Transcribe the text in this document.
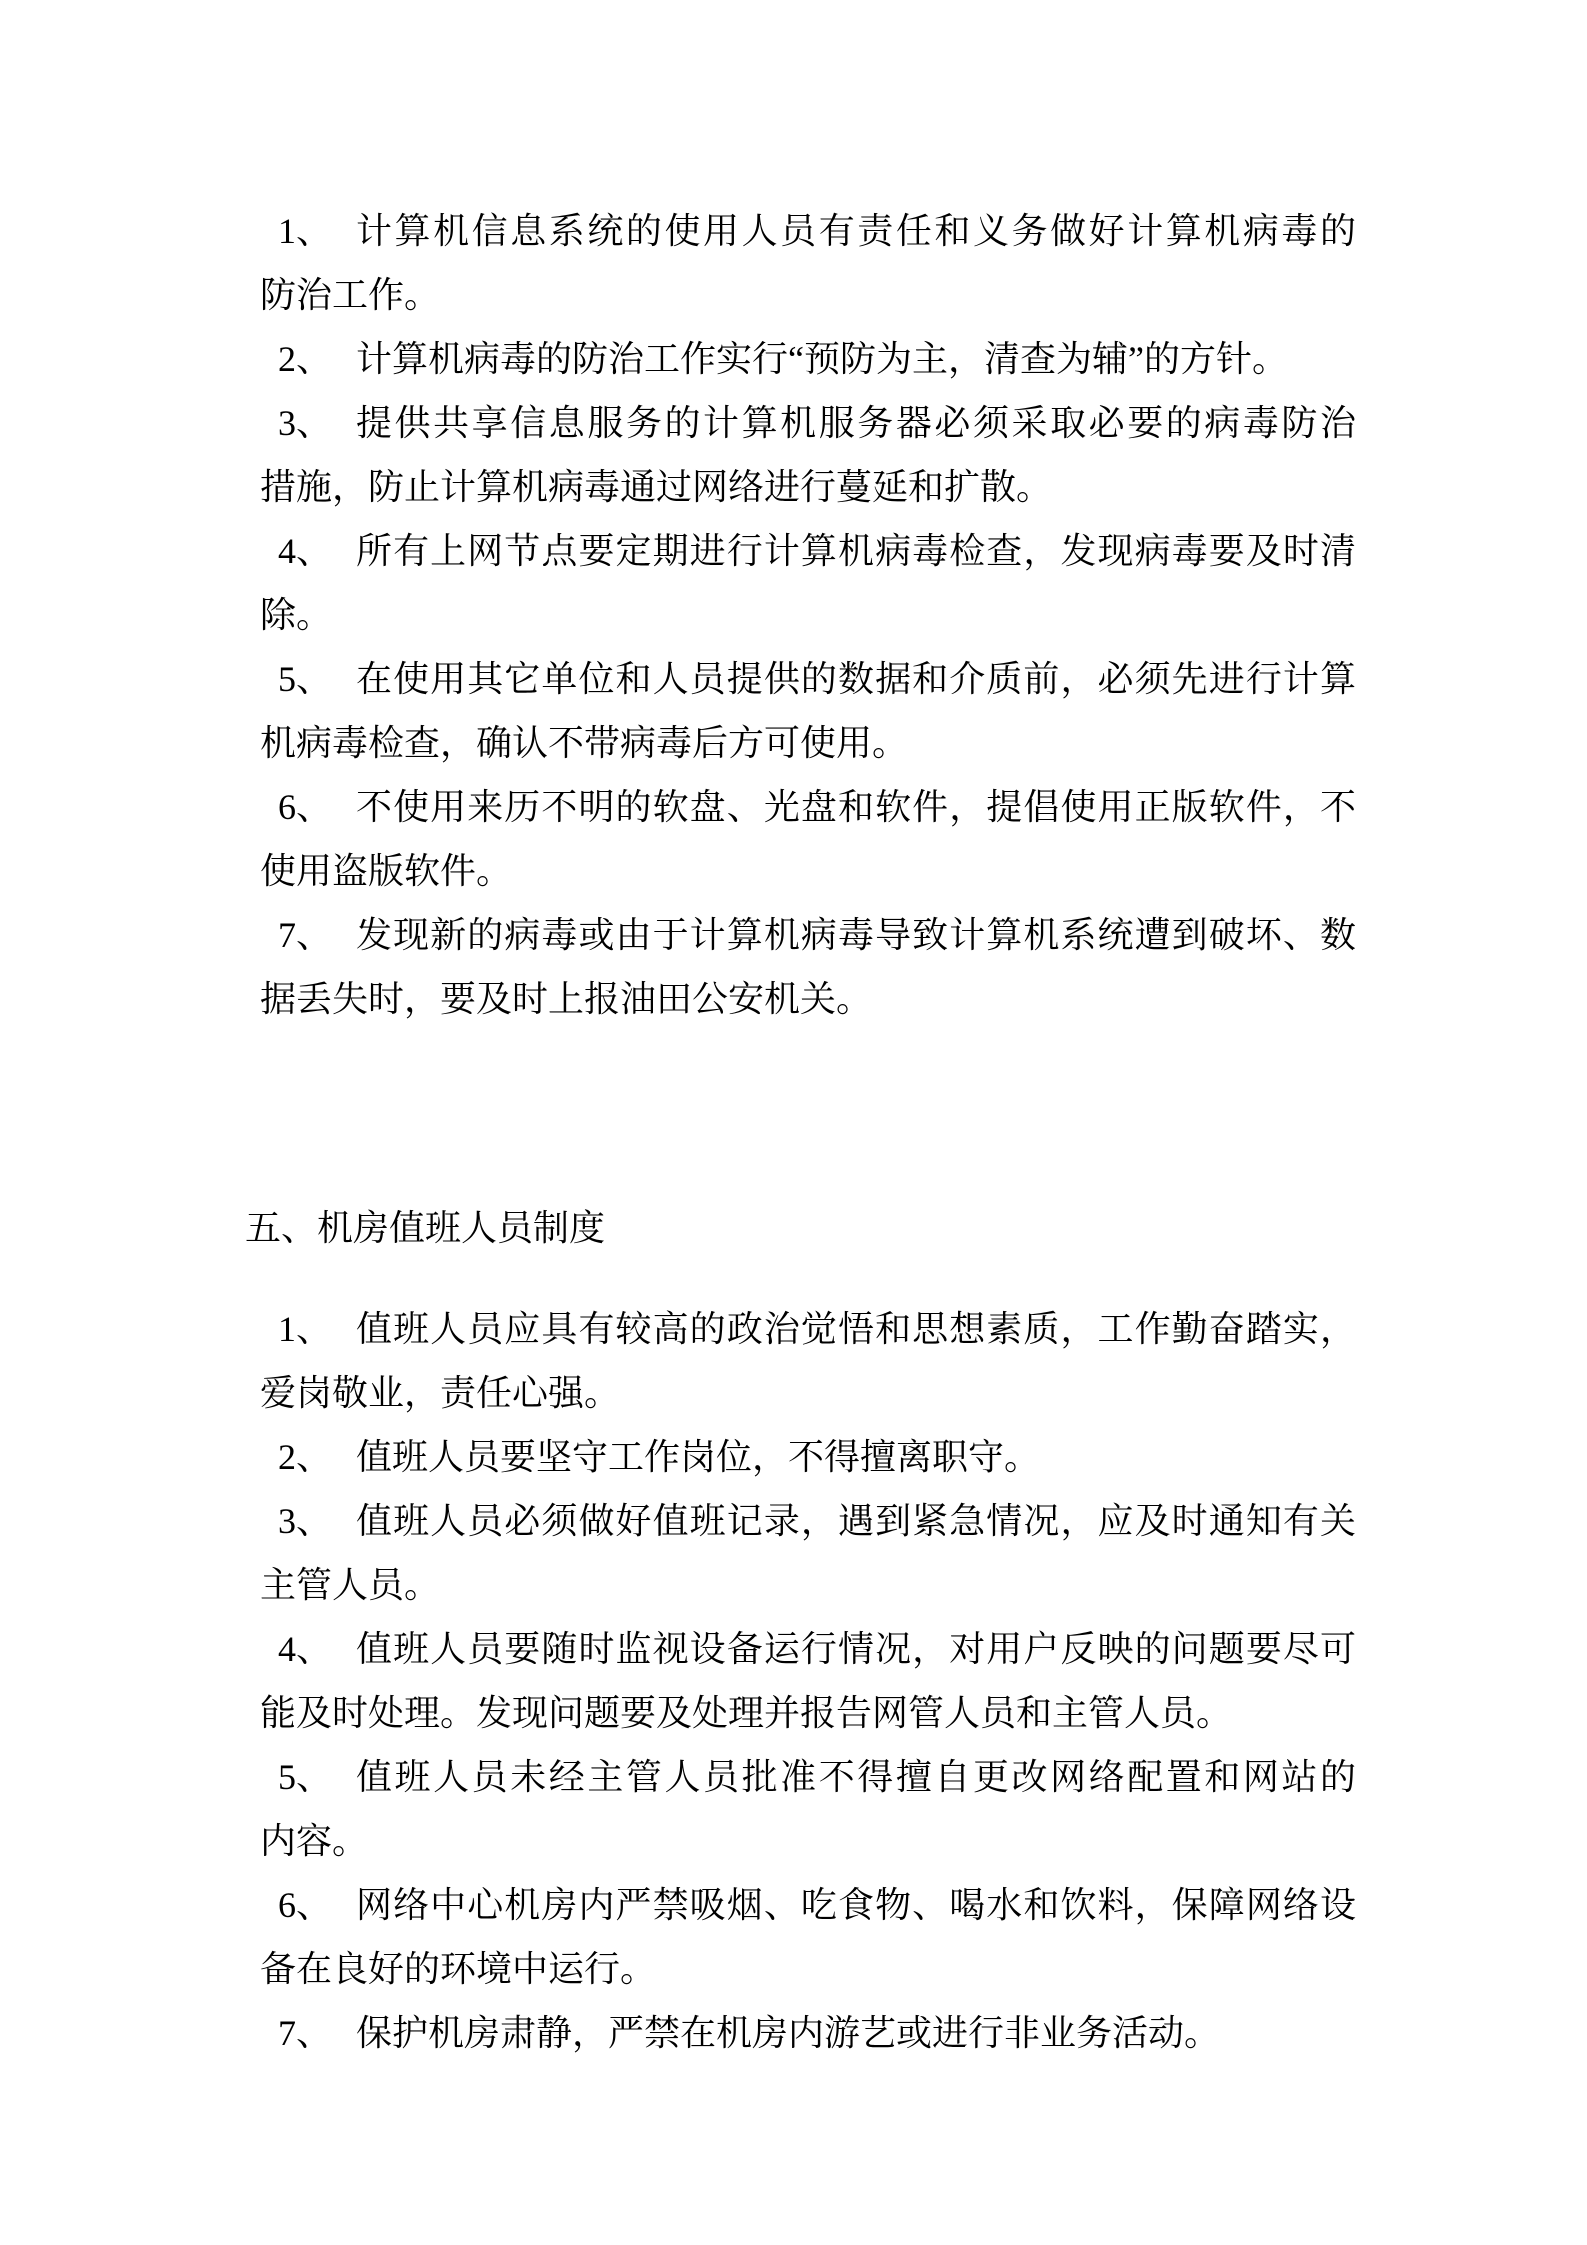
1、 计算机信息系统的使用人员有责任和义务做好计算机病毒的
防治工作。
2、 计算机病毒的防治工作实行“预防为主，清查为辅”的方针。
3、 提供共享信息服务的计算机服务器必须采取必要的病毒防治
措施，防止计算机病毒通过网络进行蔓延和扩散。
4、 所有上网节点要定期进行计算机病毒检查，发现病毒要及时清
除。
5、 在使用其它单位和人员提供的数据和介质前，必须先进行计算
机病毒检查，确认不带病毒后方可使用。
6、 不使用来历不明的软盘、光盘和软件，提倡使用正版软件，不
使用盗版软件。
7、 发现新的病毒或由于计算机病毒导致计算机系统遭到破坏、数
据丢失时，要及时上报油田公安机关。
五、机房值班人员制度
1、 值班人员应具有较高的政治觉悟和思想素质，工作勤奋踏实，
爱岗敬业，责任心强。
2、 值班人员要坚守工作岗位，不得擅离职守。
3、 值班人员必须做好值班记录，遇到紧急情况，应及时通知有关
主管人员。
4、 值班人员要随时监视设备运行情况，对用户反映的问题要尽可
能及时处理。发现问题要及处理并报告网管人员和主管人员。
5、 值班人员未经主管人员批准不得擅自更改网络配置和网站的
内容。
6、 网络中心机房内严禁吸烟、吃食物、喝水和饮料，保障网络设
备在良好的环境中运行。
7、 保护机房肃静，严禁在机房内游艺或进行非业务活动。
